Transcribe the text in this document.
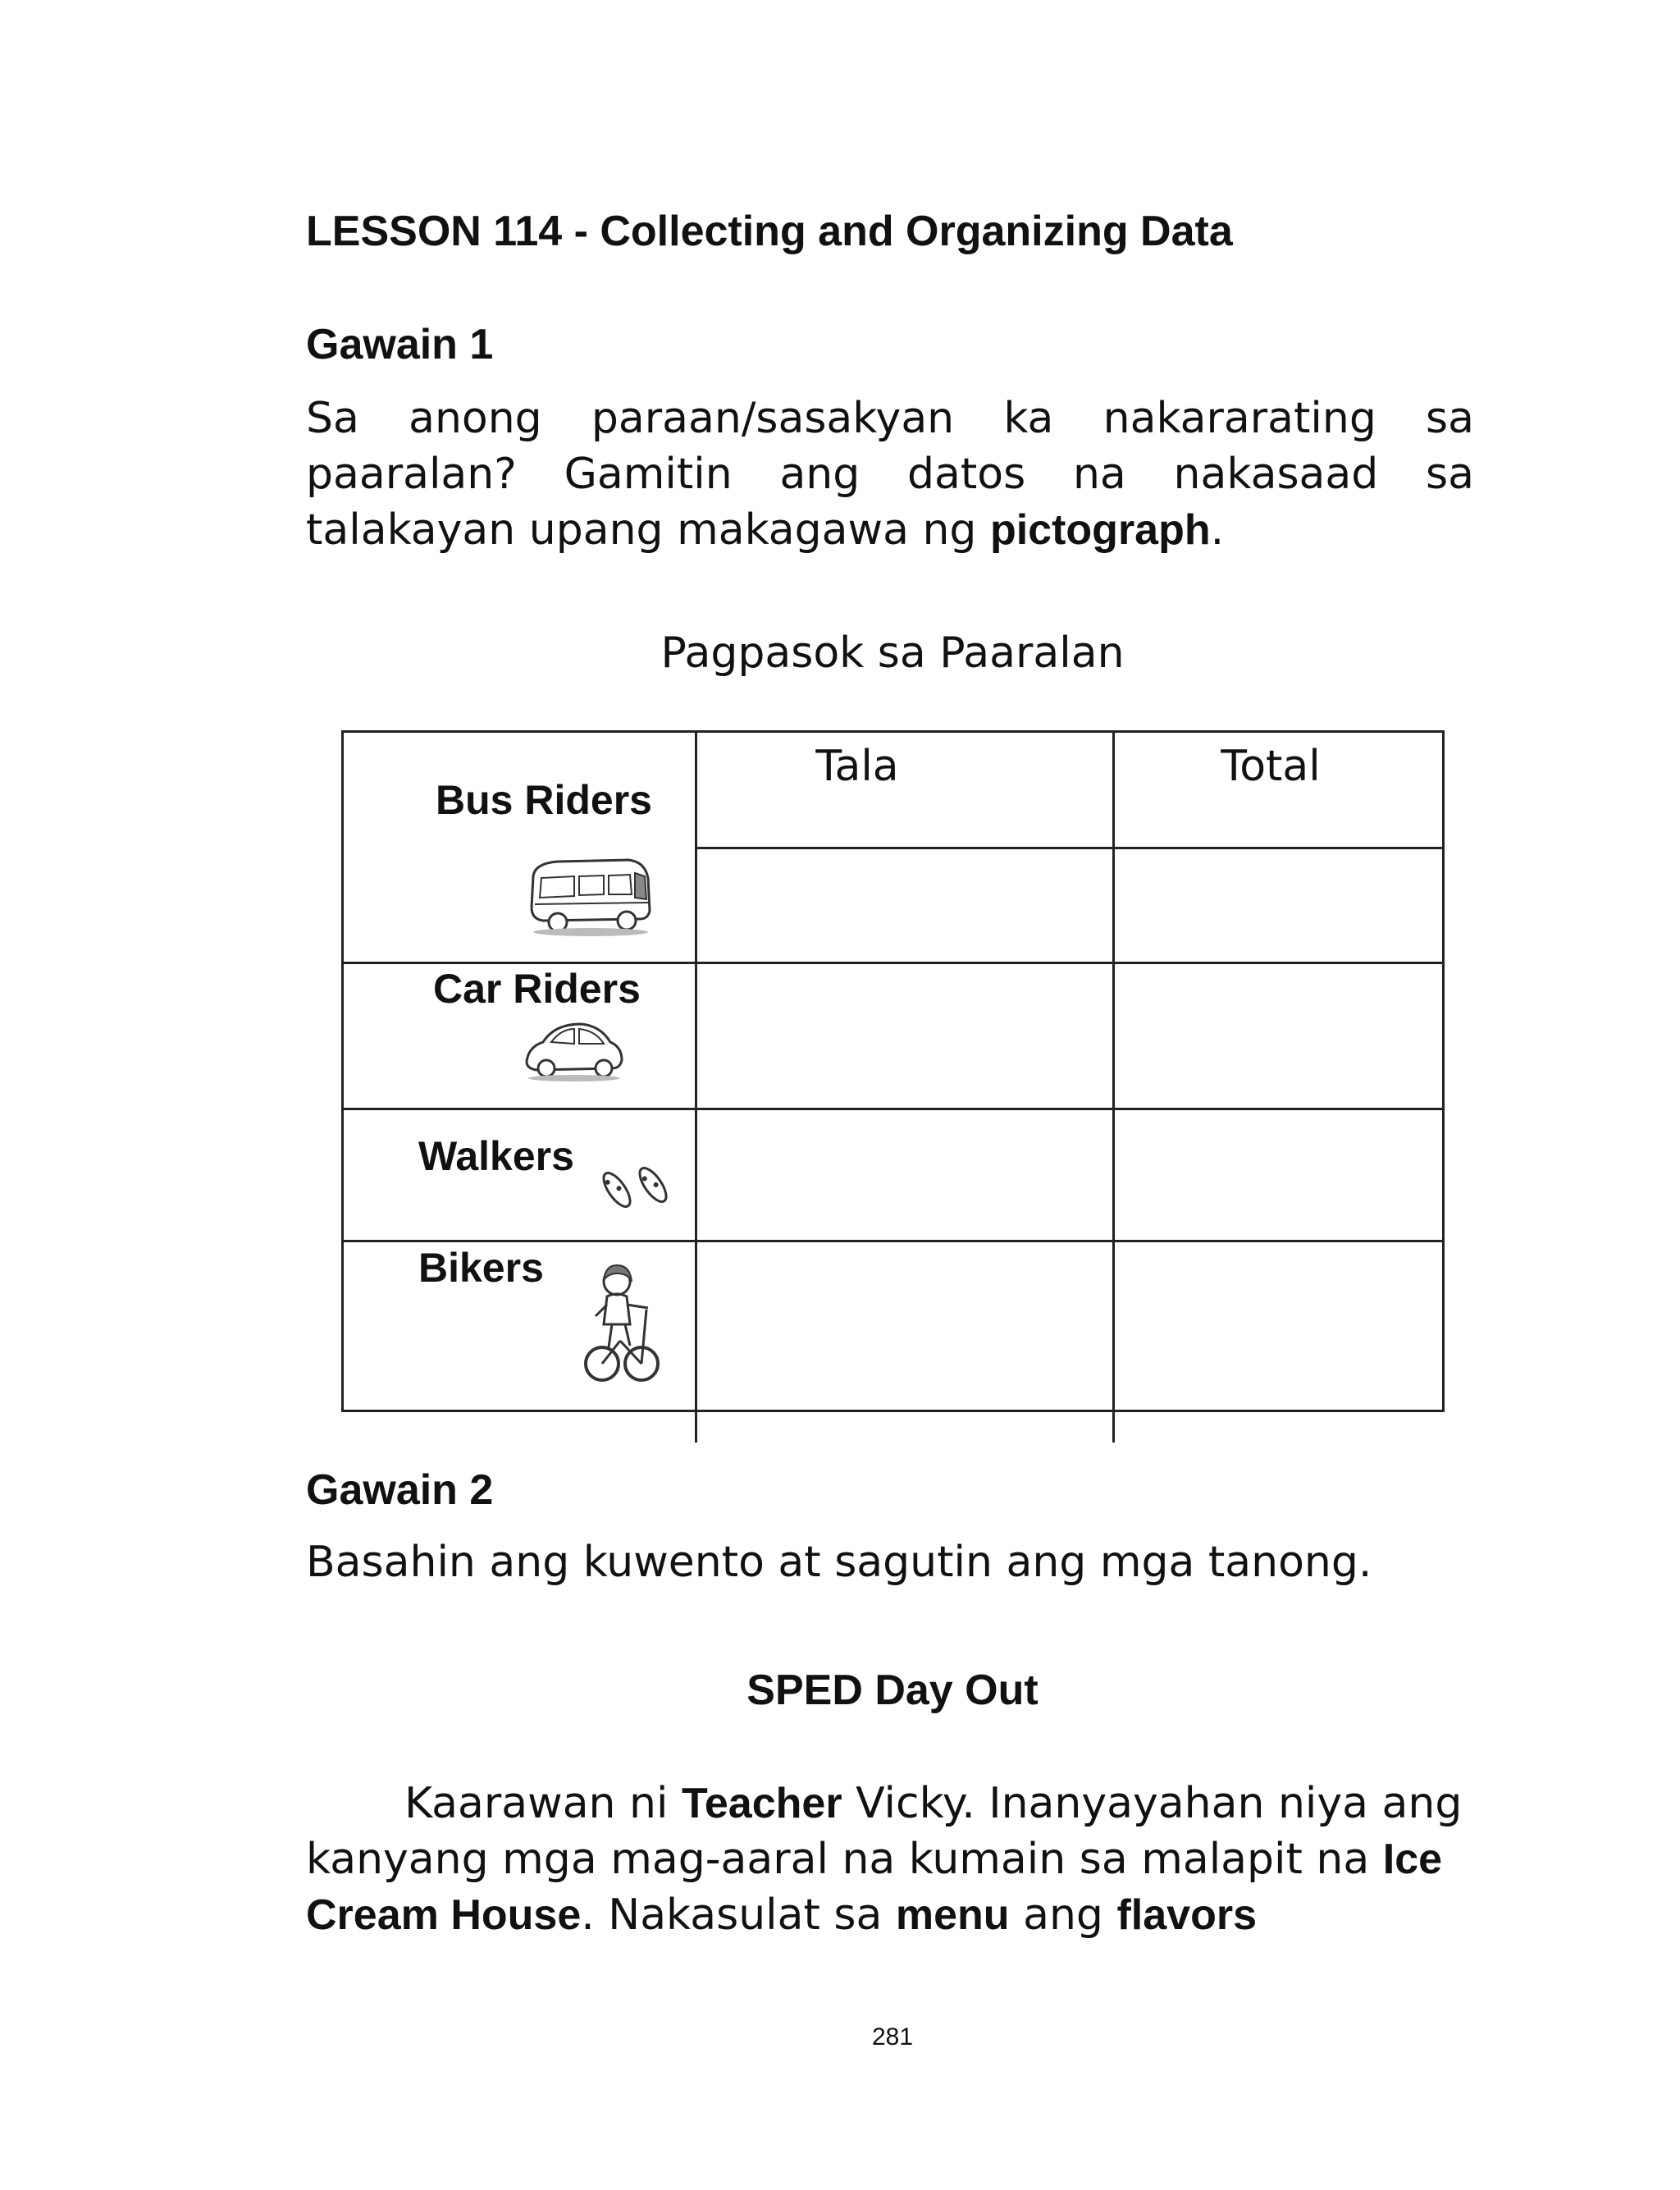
LESSON 114 - Collecting and Organizing Data
Gawain 1
Sa anong paraan/sasakyan ka nakararating sa paaralan? Gamitin ang datos na nakasaad sa talakayan upang makagawa ng pictograph.
Pagpasok sa Paaralan
Tala	Total
Bus Riders
Car Riders
Walkers
Bikers
Gawain 2
Basahin ang kuwento at sagutin ang mga tanong.
SPED Day Out
Kaarawan ni Teacher Vicky. Inanyayahan niya ang kanyang mga mag-aaral na kumain sa malapit na Ice Cream House. Nakasulat sa menu ang flavors
281
